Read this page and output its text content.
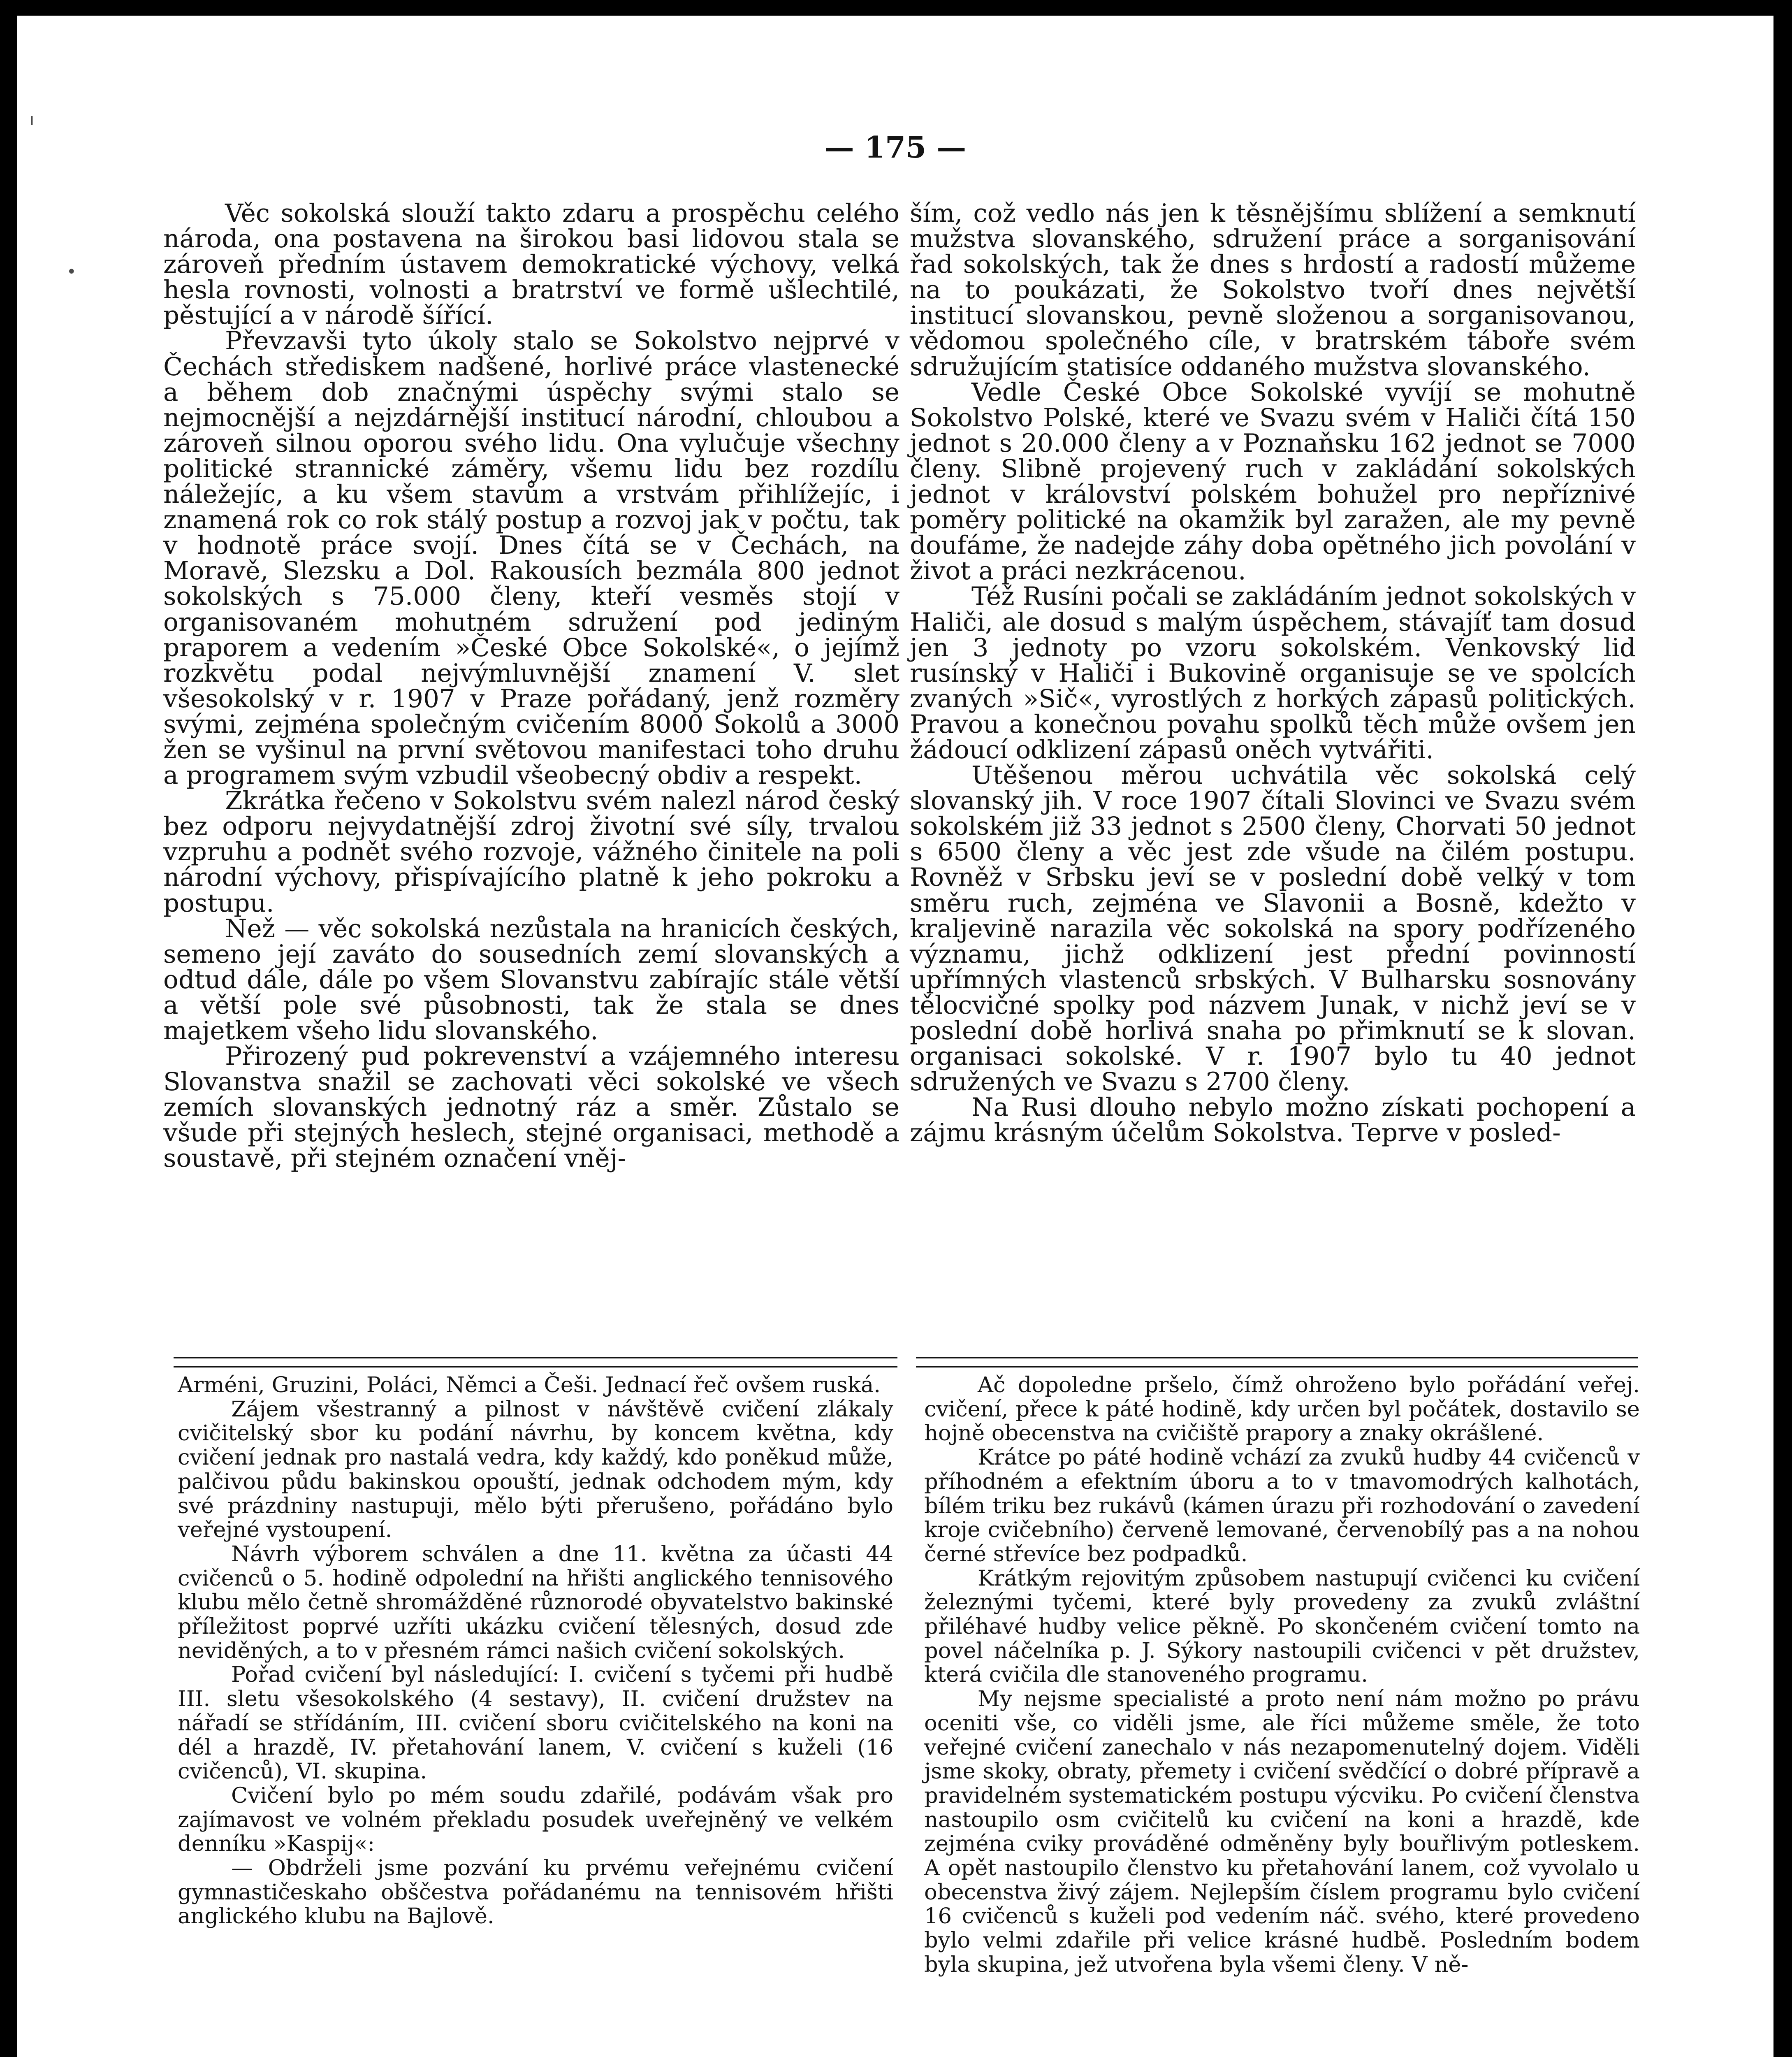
ı
•
— 175 —

Věc sokolská slouží takto zdaru a prospěchu celého národa, ona postavena na širokou basi lidovou stala se zároveň předním ústavem demokratické výchovy, velká hesla rovnosti, volnosti a bratrství ve formě ušlechtilé, pěstující a v národě šířící.

Převzavši tyto úkoly stalo se Sokolstvo nejprvé v Čechách střediskem nadšené, horlivé práce vlastenecké a během dob značnými úspěchy svými stalo se nejmocnější a nejzdárnější institucí národní, chloubou a zároveň silnou oporou svého lidu. Ona vylučuje všechny politické strannické záměry, všemu lidu bez rozdílu náležejíc, a ku všem stavům a vrstvám přihlížejíc, i znamená rok co rok stálý postup a rozvoj jak v počtu, tak v hodnotě práce svojí. Dnes čítá se v Čechách, na Moravě, Slezsku a Dol. Rakousích bezmála 800 jednot sokolských s 75.000 členy, kteří vesměs stojí v organisovaném mohutném sdružení pod jediným praporem a vedením »České Obce Sokolské«, o jejímž rozkvětu podal nejvýmluvnější znamení V. slet všesokolský v r. 1907 v Praze pořádaný, jenž rozměry svými, zejména společným cvičením 8000 Sokolů a 3000 žen se vyšinul na první světovou manifestaci toho druhu a programem svým vzbudil všeobecný obdiv a respekt.

Zkrátka řečeno v Sokolstvu svém nalezl národ český bez odporu nejvydatnější zdroj životní své síly, trvalou vzpruhu a podnět svého rozvoje, vážného činitele na poli národní výchovy, přispívajícího platně k jeho pokroku a postupu.

Než — věc sokolská nezůstala na hranicích českých, semeno její zaváto do sousedních zemí slovanských a odtud dále, dále po všem Slovanstvu zabírajíc stále větší a větší pole své působnosti, tak že stala se dnes majetkem všeho lidu slovanského.

Přirozený pud pokrevenství a vzájemného interesu Slovanstva snažil se zachovati věci sokolské ve všech zemích slovanských jednotný ráz a směr. Zůstalo se všude při stejných heslech, stejné organisaci, methodě a soustavě, při stejném označení vněj-

ším, což vedlo nás jen k těsnějšímu sblížení a semknutí mužstva slovanského, sdružení práce a sorganisování řad sokolských, tak že dnes s hrdostí a radostí můžeme na to poukázati, že Sokolstvo tvoří dnes největší institucí slovanskou, pevně složenou a sorganisovanou, vědomou společného cíle, v bratrském táboře svém sdružujícím statisíce oddaného mužstva slovanského.

Vedle České Obce Sokolské vyvíjí se mohutně Sokolstvo Polské, které ve Svazu svém v Haliči čítá 150 jednot s 20.000 členy a v Poznaňsku 162 jednot se 7000 členy. Slibně projevený ruch v zakládání sokolských jednot v království polském bohužel pro nepříznivé poměry politické na okamžik byl zaražen, ale my pevně doufáme, že nadejde záhy doba opětného jich povolání v život a práci nezkrácenou.

Též Rusíni počali se zakládáním jednot sokolských v Haliči, ale dosud s malým úspěchem, stávajíť tam dosud jen 3 jednoty po vzoru sokolském. Venkovský lid rusínský v Haliči i Bukovině organisuje se ve spolcích zvaných »Sič«, vyrostlých z horkých zápasů politických. Pravou a konečnou povahu spolků těch může ovšem jen žádoucí odklizení zápasů oněch vytvářiti.

Utěšenou měrou uchvátila věc sokolská celý slovanský jih. V roce 1907 čítali Slovinci ve Svazu svém sokolském již 33 jednot s 2500 členy, Chorvati 50 jednot s 6500 členy a věc jest zde všude na čilém postupu. Rovněž v Srbsku jeví se v poslední době velký v tom směru ruch, zejména ve Slavonii a Bosně, kdežto v kraljevině narazila věc sokolská na spory podřízeného významu, jichž odklizení jest přední povinností upřímných vlastenců srbských. V Bulharsku sosnovány tělocvičné spolky pod názvem Junak, v nichž jeví se v poslední době horlivá snaha po přimknutí se k slovan. organisaci sokolské. V r. 1907 bylo tu 40 jednot sdružených ve Svazu s 2700 členy.

Na Rusi dlouho nebylo možno získati pochopení a zájmu krásným účelům Sokolstva. Teprve v posled-

Arméni, Gruzini, Poláci, Němci a Češi. Jednací řeč ovšem ruská.

Zájem všestranný a pilnost v návštěvě cvičení zlákaly cvičitelský sbor ku podání návrhu, by koncem května, kdy cvičení jednak pro nastalá vedra, kdy každý, kdo poněkud může, palčivou půdu bakinskou opouští, jednak odchodem mým, kdy své prázdniny nastupuji, mělo býti přerušeno, pořádáno bylo veřejné vystoupení.

Návrh výborem schválen a dne 11. května za účasti 44 cvičenců o 5. hodině odpolední na hřišti anglického tennisového klubu mělo četně shromážděné různorodé obyvatelstvo bakinské příležitost poprvé uzříti ukázku cvičení tělesných, dosud zde neviděných, a to v přesném rámci našich cvičení sokolských.

Pořad cvičení byl následující: I. cvičení s tyčemi při hudbě III. sletu všesokolského (4 sestavy), II. cvičení družstev na nářadí se střídáním, III. cvičení sboru cvičitelského na koni na dél a hrazdě, IV. přetahování lanem, V. cvičení s kuželi (16 cvičenců), VI. skupina.

Cvičení bylo po mém soudu zdařilé, podávám však pro zajímavost ve volném překladu posudek uveřejněný ve velkém denníku »Kaspij«:

— Obdrželi jsme pozvání ku prvému veřejnému cvičení gymnastičeskaho obščestva pořádanému na tennisovém hřišti anglického klubu na Bajlově.

Ač dopoledne pršelo, čímž ohroženo bylo pořádání veřej. cvičení, přece k páté hodině, kdy určen byl počátek, dostavilo se hojně obecenstva na cvičiště prapory a znaky okrášlené.

Krátce po páté hodině vchází za zvuků hudby 44 cvičenců v příhodném a efektním úboru a to v tmavomodrých kalhotách, bílém triku bez rukávů (kámen úrazu při rozhodování o zavedení kroje cvičebního) červeně lemované, červenobílý pas a na nohou černé střevíce bez podpadků.

Krátkým rejovitým způsobem nastupují cvičenci ku cvičení železnými tyčemi, které byly provedeny za zvuků zvláštní přiléhavé hudby velice pěkně. Po skončeném cvičení tomto na povel náčelníka p. J. Sýkory nastoupili cvičenci v pět družstev, která cvičila dle stanoveného programu.

My nejsme specialisté a proto není nám možno po právu oceniti vše, co viděli jsme, ale říci můžeme směle, že toto veřejné cvičení zanechalo v nás nezapomenutelný dojem. Viděli jsme skoky, obraty, přemety i cvičení svědčící o dobré přípravě a pravidelném systematickém postupu výcviku. Po cvičení členstva nastoupilo osm cvičitelů ku cvičení na koni a hrazdě, kde zejména cviky prováděné odměněny byly bouřlivým potleskem. A opět nastoupilo členstvo ku přetahování lanem, což vyvolalo u obecenstva živý zájem. Nejlepším číslem programu bylo cvičení 16 cvičenců s kuželi pod vedením náč. svého, které provedeno bylo velmi zdařile při velice krásné hudbě. Posledním bodem byla skupina, jež utvořena byla všemi členy. V ně-
